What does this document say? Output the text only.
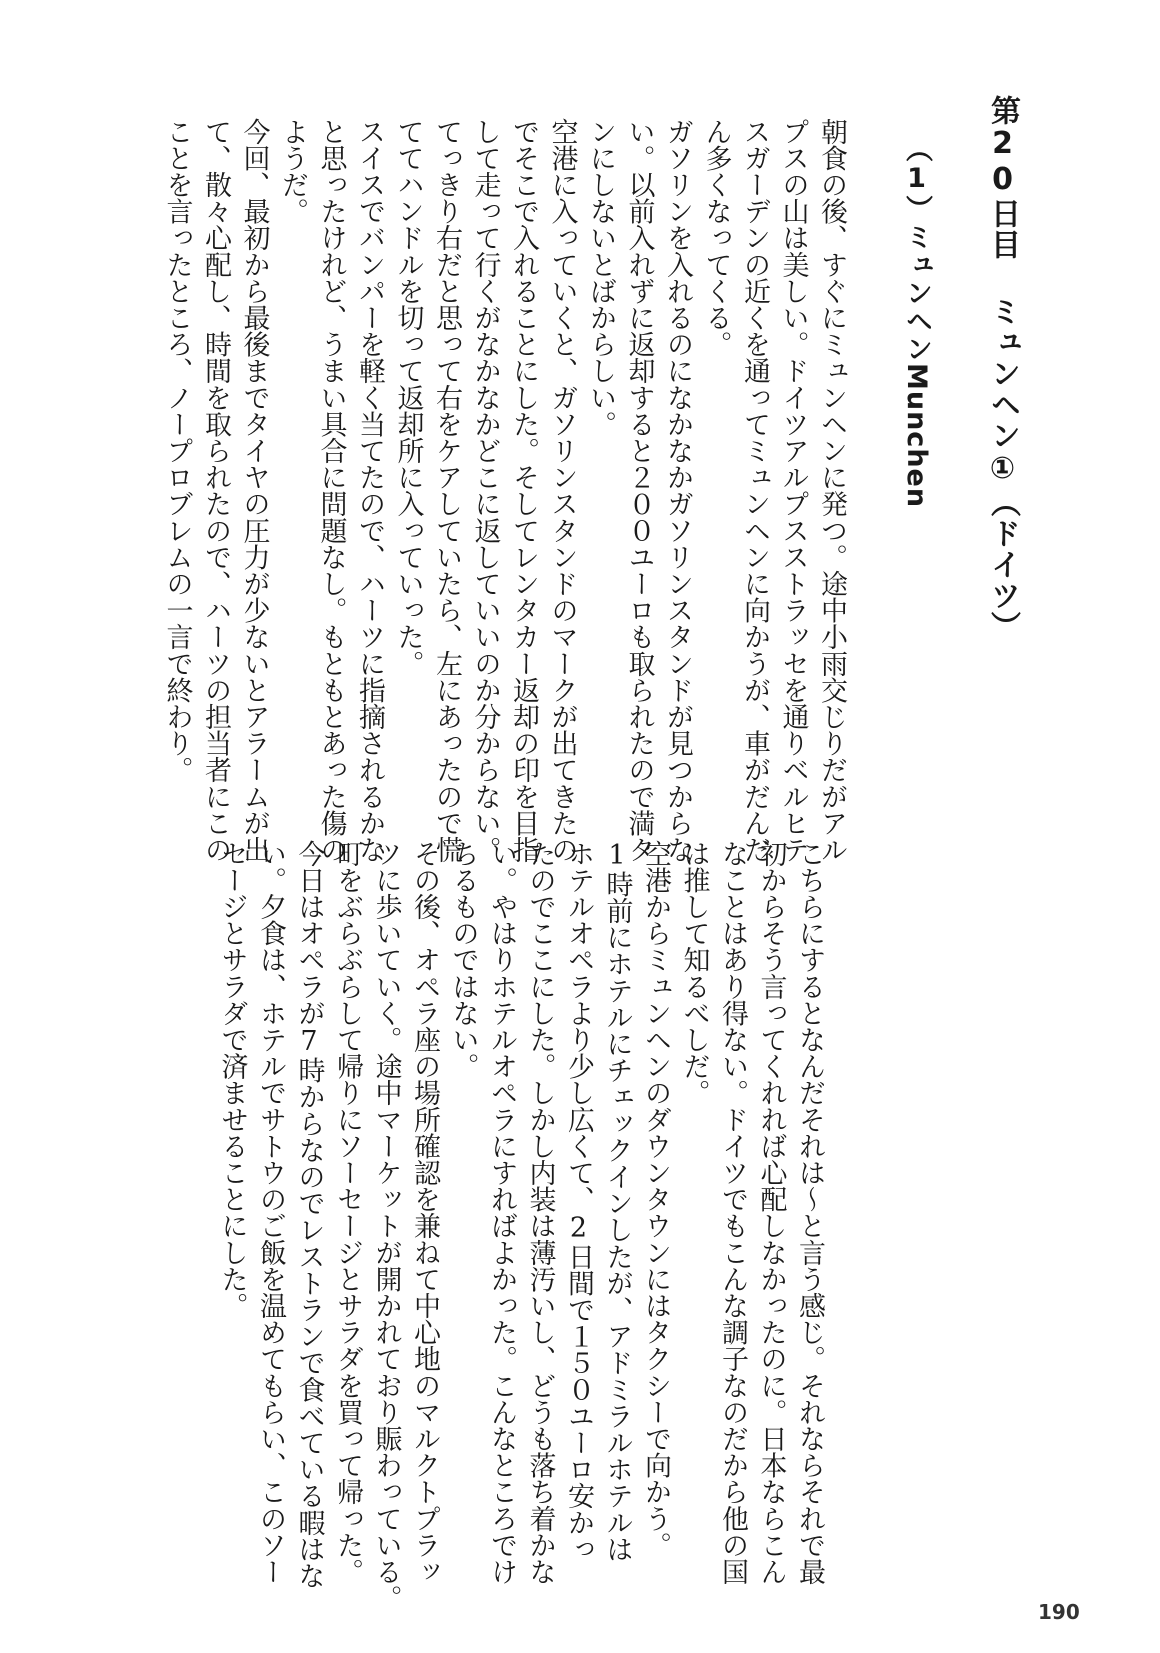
第20日目 ミュンヘン①（ドイツ）
（1）ミュンヘンMunchen
朝食の後、すぐにミュンヘンに発つ。途中小雨交じりだがアル
プスの山は美しい。ドイツアルプスストラッセを通りベルヒテ
スガーデンの近くを通ってミュンヘンに向かうが、車がだんだ
ん多くなってくる。
ガソリンを入れるのになかなかガソリンスタンドが見つからな
い。以前入れずに返却すると２００ユーロも取られたので満タ
ンにしないとばからしい。
空港に入っていくと、ガソリンスタンドのマークが出てきたの
でそこで入れることにした。そしてレンタカー返却の印を目指
して走って行くがなかなかどこに返していいのか分からない。
てっきり右だと思って右をケアしていたら、左にあったので慌
ててハンドルを切って返却所に入っていった。
スイスでバンパーを軽く当てたので、ハーツに指摘されるかな
と思ったけれど、うまい具合に問題なし。もともとあった傷の
ようだ。
今回、最初から最後までタイヤの圧力が少ないとアラームが出
て、散々心配し、時間を取られたので、ハーツの担当者にこの
ことを言ったところ、ノープロブレムの一言で終わり。
こちらにするとなんだそれは～と言う感じ。それならそれで最
初からそう言ってくれれば心配しなかったのに。日本ならこん
なことはあり得ない。ドイツでもこんな調子なのだから他の国
は推して知るべしだ。
空港からミュンヘンのダウンタウンにはタクシーで向かう。
1時前にホテルにチェックインしたが、アドミラルホテルは
ホテルオペラより少し広くて、2日間で１５０ユーロ安かっ
たのでここにした。しかし内装は薄汚いし、どうも落ち着かな
い。やはりホテルオペラにすればよかった。こんなところでけ
ちるものではない。
その後、オペラ座の場所確認を兼ねて中心地のマルクトプラッ
ツに歩いていく。途中マーケットが開かれており賑わっている。
町をぶらぶらして帰りにソーセージとサラダを買って帰った。
今日はオペラが7時からなのでレストランで食べている暇はな
い。夕食は、ホテルでサトウのご飯を温めてもらい、このソー
セージとサラダで済ませることにした。
190
